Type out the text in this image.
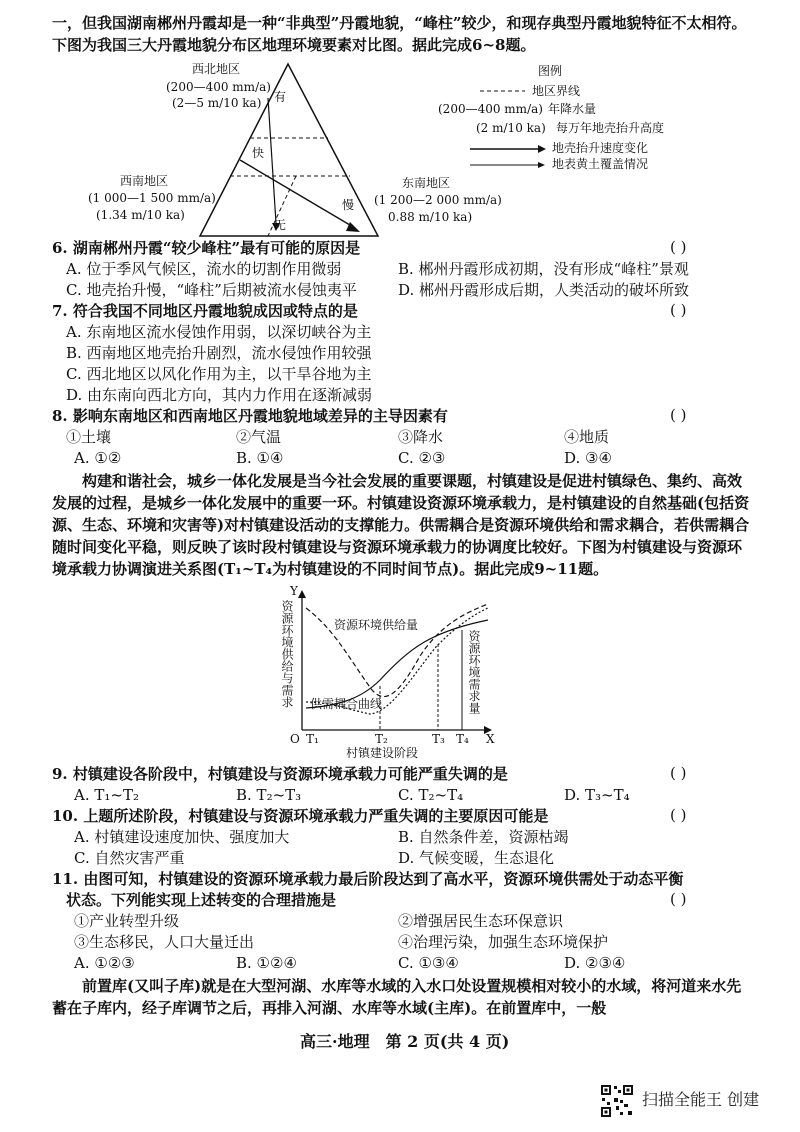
一，但我国湖南郴州丹霞却是一种“非典型”丹霞地貌，“峰柱”较少，和现存典型丹霞地貌特征不太相符。下图为我国三大丹霞地貌分布区地理环境要素对比图。据此完成6~8题。
西北地区
(200—400 mm/a)
(2—5 m/10 ka) 有
快
慢
无
西南地区
(1 000—1 500 mm/a)
(1.34 m/10 ka)
东南地区
(1 200—2 000 mm/a)
0.88 m/10 ka)
图例
地区界线
(200—400 mm/a) 年降水量
(2 m/10 ka) 每万年地壳抬升高度
地壳抬升速度变化
地表黄土覆盖情况
6. 湖南郴州丹霞“较少峰柱”最有可能的原因是	( )
A. 位于季风气候区，流水的切割作用微弱	B. 郴州丹霞形成初期，没有形成“峰柱”景观
C. 地壳抬升慢，“峰柱”后期被流水侵蚀夷平	D. 郴州丹霞形成后期，人类活动的破坏所致
7. 符合我国不同地区丹霞地貌成因或特点的是	( )
A. 东南地区流水侵蚀作用弱，以深切峡谷为主
B. 西南地区地壳抬升剧烈，流水侵蚀作用较强
C. 西北地区以风化作用为主，以干旱谷地为主
D. 由东南向西北方向，其内力作用在逐渐减弱
8. 影响东南地区和西南地区丹霞地貌地域差异的主导因素有	( )
①土壤	②气温	③降水	④地质
A. ①②	B. ①④	C. ②③	D. ③④
构建和谐社会，城乡一体化发展是当今社会发展的重要课题，村镇建设是促进村镇绿色、集约、高效发展的过程，是城乡一体化发展中的重要一环。村镇建设资源环境承载力，是村镇建设的自然基础(包括资源、生态、环境和灾害等)对村镇建设活动的支撑能力。供需耦合是资源环境供给和需求耦合，若供需耦合随时间变化平稳，则反映了该时段村镇建设与资源环境承载力的协调度比较好。下图为村镇建设与资源环境承载力协调演进关系图(T₁~T₄为村镇建设的不同时间节点)。据此完成9~11题。
Y
资源环境供给与需求	资源环境供给量
供需耦合曲线	资源环境需求量
O T₁	T₂	T₃ T₄ X
村镇建设阶段
9. 村镇建设各阶段中，村镇建设与资源环境承载力可能严重失调的是	( )
A. T₁~T₂	B. T₂~T₃	C. T₂~T₄	D. T₃~T₄
10. 上题所述阶段，村镇建设与资源环境承载力严重失调的主要原因可能是	( )
A. 村镇建设速度加快、强度加大	B. 自然条件差，资源枯竭
C. 自然灾害严重	D. 气候变暖，生态退化
11. 由图可知，村镇建设的资源环境承载力最后阶段达到了高水平，资源环境供需处于动态平衡
状态。下列能实现上述转变的合理措施是	( )
①产业转型升级	②增强居民生态环保意识
③生态移民，人口大量迁出	④治理污染，加强生态环境保护
A. ①②③	B. ①②④	C. ①③④	D. ②③④
前置库(又叫子库)就是在大型河湖、水库等水域的入水口处设置规模相对较小的水域，将河道来水先蓄在子库内，经子库调节之后，再排入河湖、水库等水域(主库)。在前置库中，一般
高三·地理　第 2 页(共 4 页)
扫描全能王 创建
